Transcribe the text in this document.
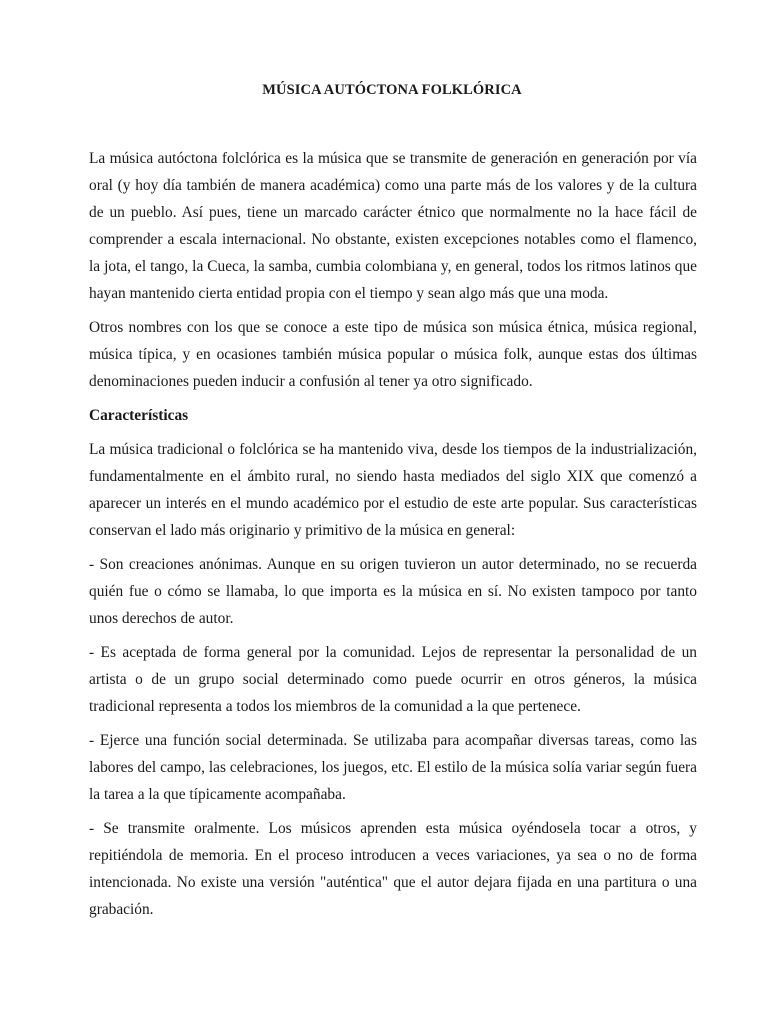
MÚSICA AUTÓCTONA FOLKLÓRICA

La música autóctona folclórica es la música que se transmite de generación en generación por vía oral (y hoy día también de manera académica) como una parte más de los valores y de la cultura de un pueblo. Así pues, tiene un marcado carácter étnico que normalmente no la hace fácil de comprender a escala internacional. No obstante, existen excepciones notables como el flamenco, la jota, el tango, la Cueca, la samba, cumbia colombiana y, en general, todos los ritmos latinos que hayan mantenido cierta entidad propia con el tiempo y sean algo más que una moda.

Otros nombres con los que se conoce a este tipo de música son música étnica, música regional, música típica, y en ocasiones también música popular o música folk, aunque estas dos últimas denominaciones pueden inducir a confusión al tener ya otro significado.

Características

La música tradicional o folclórica se ha mantenido viva, desde los tiempos de la industrialización, fundamentalmente en el ámbito rural, no siendo hasta mediados del siglo XIX que comenzó a aparecer un interés en el mundo académico por el estudio de este arte popular. Sus características conservan el lado más originario y primitivo de la música en general:

- Son creaciones anónimas. Aunque en su origen tuvieron un autor determinado, no se recuerda quién fue o cómo se llamaba, lo que importa es la música en sí. No existen tampoco por tanto unos derechos de autor.

- Es aceptada de forma general por la comunidad. Lejos de representar la personalidad de un artista o de un grupo social determinado como puede ocurrir en otros géneros, la música tradicional representa a todos los miembros de la comunidad a la que pertenece.

- Ejerce una función social determinada. Se utilizaba para acompañar diversas tareas, como las labores del campo, las celebraciones, los juegos, etc. El estilo de la música solía variar según fuera la tarea a la que típicamente acompañaba.

- Se transmite oralmente. Los músicos aprenden esta música oyéndosela tocar a otros, y repitiéndola de memoria. En el proceso introducen a veces variaciones, ya sea o no de forma intencionada. No existe una versión "auténtica" que el autor dejara fijada en una partitura o una grabación.
